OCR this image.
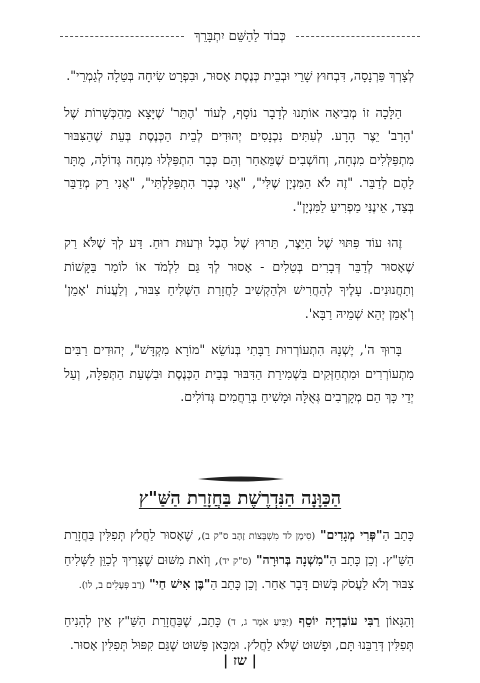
כְּבוֹד לַהַשֵּׁם יִתְבָּרֵךְ

לְצָרְךְ פַּרְנָסָה, דִּבְחוּץ שָׁרֵי וּבְבֵית כְּנֶסֶת אָסוּר, וּבִפְרָט שִׂיחָה בְּטֵלָה לְגַמְרֵי".

הַלָּכָה זוֹ מְבִיאָה אוֹתָנוּ לְדָבָר נוֹסָף, לְעוֹד 'הֶתֵּר' שֶׁיָּצָא מֵהַכְּשָׁרוֹת שֶׁל 'הָרַב' יֵצֶר הָרָע. לְעִתִּים נִכְנָסִים יְהוּדִים לְבֵית הַכְּנֶסֶת בְּעֵת שֶׁהַצִּבּוּר מִתְפַּלְּלִים מִנְחָה, וְחוֹשְׁבִים שֶׁמֵּאַחַר וְהֵם כְּבָר הִתְפַּלְּלוּ מִנְחָה גְּדוֹלָה, מֻתָּר לָהֶם לְדַבֵּר. "זֶה לֹא הַמִּנְיָן שֶׁלִּי", "אֲנִי כְּבָר הִתְפַּלַּלְתִּי", "אֲנִי רַק מְדַבֵּר בְּצַד, אֵינֶנִּי מַפְרִיעַ לַמִּנְיָן".

זֶהוּ עוֹד פִּתּוּי שֶׁל הַיֵּצֶר, תֵּרוּץ שֶׁל הֶבֶל וּרְעוּת רוּחַ. דַּע לְךָ שֶׁלֹּא רַק שֶׁאָסוּר לְדַבֵּר דְּבָרִים בְּטֵלִים - אָסוּר לְךָ גַּם לִלְמֹד אוֹ לוֹמַר בַּקָּשׁוֹת וְתַחֲנוּנִים. עָלֶיךָ לְהַחֲרִישׁ וּלְהַקְשִׁיב לַחֲזָרַת הַשְּׁלִיחַ צִבּוּר, וְלַעֲנוֹת 'אָמֵן' וְ'אָמֵן יְהֵא שְׁמֵיהּ רַבָּא'.

בָּרוּךְ ה', יֶשְׁנָהּ הִתְעוֹרְרוּת רַבָּתִי בְּנוֹשֵׂא "מוֹרָא מִקְדָּשׁ", יְהוּדִים רַבִּים מִתְעוֹרְרִים וּמִתְחַזְּקִים בִּשְׁמִירַת הַדִּבּוּר בְּבֵית הַכְּנֶסֶת וּבִשְׁעַת הַתְּפִלָּה, וְעַל יְדֵי כָּךְ הֵם מְקָרְבִים גְּאֻלָּה וּמָשִׁיחַ בְּרַחֲמִים גְּדוֹלִים.

הַכַּוָּנָה הַנִּדְרֶשֶׁת בַּחֲזָרַת הַשַּׁ"ץ

כָּתַב הַ"פְּרִי מְגָדִים" (סִימָן לד מִשְׁבְּצוֹת זָהָב ס"ק ב), שֶׁאָסוּר לַחֲלֹץ תְּפִלִּין בַּחֲזָרַת הַשַּׁ"ץ. וְכֵן כָּתַב הַ"מִשְׁנָה בְּרוּרָה" (ס"ק יד), וְזֹאת מִשּׁוּם שֶׁצָּרִיךְ לְכַוֵּן לַשְּׁלִיחַ צִבּוּר וְלֹא לַעֲסֹק בְּשׁוּם דָּבָר אַחֵר. וְכֵן כָּתַב הַ"בֶּן אִישׁ חַי" (רַב פְּעָלִים ב, לו).

וְהַגָּאוֹן רַבִּי עוֹבַדְיָה יוֹסֵף (יַבִּיעַ אֹמֶר ג, ד) כָּתַב, שֶׁבַּחֲזָרַת הַשַּׁ"ץ אֵין לְהָנִיחַ תְּפִלִּין דְּרַבֵּנוּ תָּם, וּפָשׁוּט שֶׁלֹּא לַחֲלֹץ. וּמִכָּאן פָּשׁוּט שֶׁגַּם קִפּוּל תְּפִלִּין אָסוּר.

| שז |
